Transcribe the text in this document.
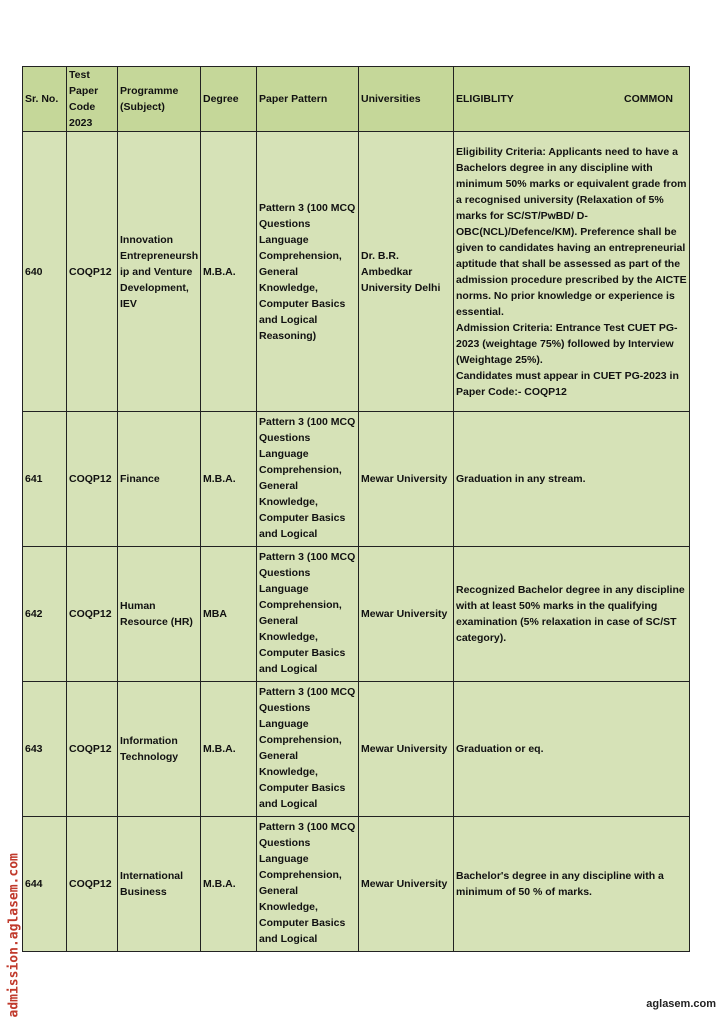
Sr. No.	Test Paper Code 2023	Programme (Subject)	Degree	Paper Pattern	Universities	ELIGIBLITY COMMON

640	COQP12	Innovation Entrepreneursh ip and Venture Development, IEV	M.B.A.	Pattern 3 (100 MCQ Questions Language Comprehension, General Knowledge, Computer Basics and Logical Reasoning)	Dr. B.R. Ambedkar University Delhi	Eligibility Criteria: Applicants need to have a Bachelors degree in any discipline with minimum 50% marks or equivalent grade from a recognised university (Relaxation of 5% marks for SC/ST/PwBD/ D-OBC(NCL)/Defence/KM). Preference shall be given to candidates having an entrepreneurial aptitude that shall be assessed as part of the admission procedure prescribed by the AICTE norms. No prior knowledge or experience is essential.
Admission Criteria: Entrance Test CUET PG-2023 (weightage 75%) followed by Interview (Weightage 25%).
Candidates must appear in CUET PG-2023 in Paper Code:- COQP12
641	COQP12	Finance	M.B.A.	Pattern 3 (100 MCQ Questions Language Comprehension, General Knowledge, Computer Basics and Logical	Mewar University	Graduation in any stream.
642	COQP12	Human Resource (HR)	MBA	Pattern 3 (100 MCQ Questions Language Comprehension, General Knowledge, Computer Basics and Logical	Mewar University	Recognized Bachelor degree in any discipline with at least 50% marks in the qualifying examination (5% relaxation in case of SC/ST category).
643	COQP12	Information Technology	M.B.A.	Pattern 3 (100 MCQ Questions Language Comprehension, General Knowledge, Computer Basics and Logical	Mewar University	Graduation or eq.
644	COQP12	International Business	M.B.A.	Pattern 3 (100 MCQ Questions Language Comprehension, General Knowledge, Computer Basics and Logical	Mewar University	Bachelor's degree in any discipline with a minimum of 50 % of marks.
admission.aglasem.com	aglasem.com
